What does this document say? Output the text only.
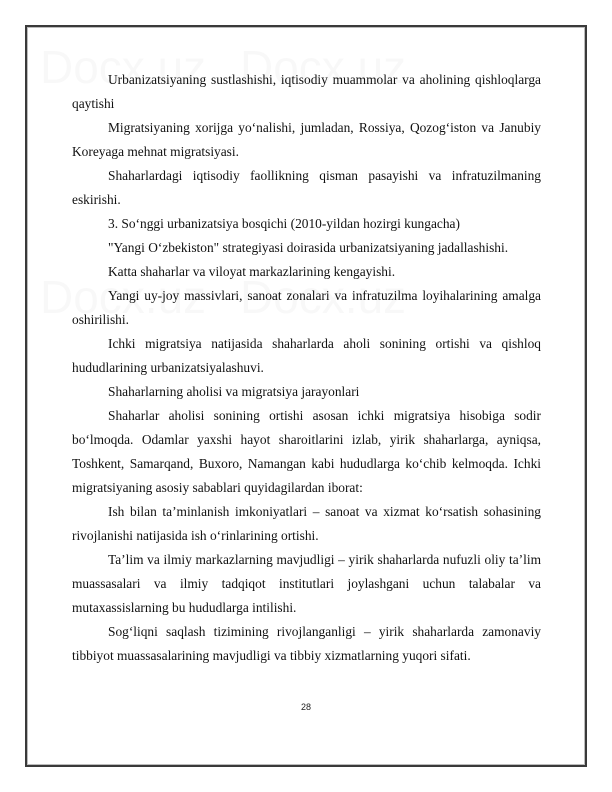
Urbanizatsiyaning sustlashishi, iqtisodiy muammolar va aholining qishloqlarga qaytishi

Migratsiyaning xorijga yo‘nalishi, jumladan, Rossiya, Qozog‘iston va Janubiy Koreyaga mehnat migratsiyasi.

Shaharlardagi iqtisodiy faollikning qisman pasayishi va infratuzilmaning eskirishi.

3. So‘nggi urbanizatsiya bosqichi (2010-yildan hozirgi kungacha)

"Yangi O‘zbekiston" strategiyasi doirasida urbanizatsiyaning jadallashishi.

Katta shaharlar va viloyat markazlarining kengayishi.

Yangi uy-joy massivlari, sanoat zonalari va infratuzilma loyihalarining amalga oshirilishi.

Ichki migratsiya natijasida shaharlarda aholi sonining ortishi va qishloq hududlarining urbanizatsiyalashuvi.

Shaharlarning aholisi va migratsiya jarayonlari

Shaharlar aholisi sonining ortishi asosan ichki migratsiya hisobiga sodir bo‘lmoqda. Odamlar yaxshi hayot sharoitlarini izlab, yirik shaharlarga, ayniqsa, Toshkent, Samarqand, Buxoro, Namangan kabi hududlarga ko‘chib kelmoqda. Ichki migratsiyaning asosiy sabablari quyidagilardan iborat:

Ish bilan ta’minlanish imkoniyatlari – sanoat va xizmat ko‘rsatish sohasining rivojlanishi natijasida ish o‘rinlarining ortishi.

Ta’lim va ilmiy markazlarning mavjudligi – yirik shaharlarda nufuzli oliy ta’lim muassasalari va ilmiy tadqiqot institutlari joylashgani uchun talabalar va mutaxassislarning bu hududlarga intilishi.

Sog‘liqni saqlash tizimining rivojlanganligi – yirik shaharlarda zamonaviy tibbiyot muassasalarining mavjudligi va tibbiy xizmatlarning yuqori sifati.

28
